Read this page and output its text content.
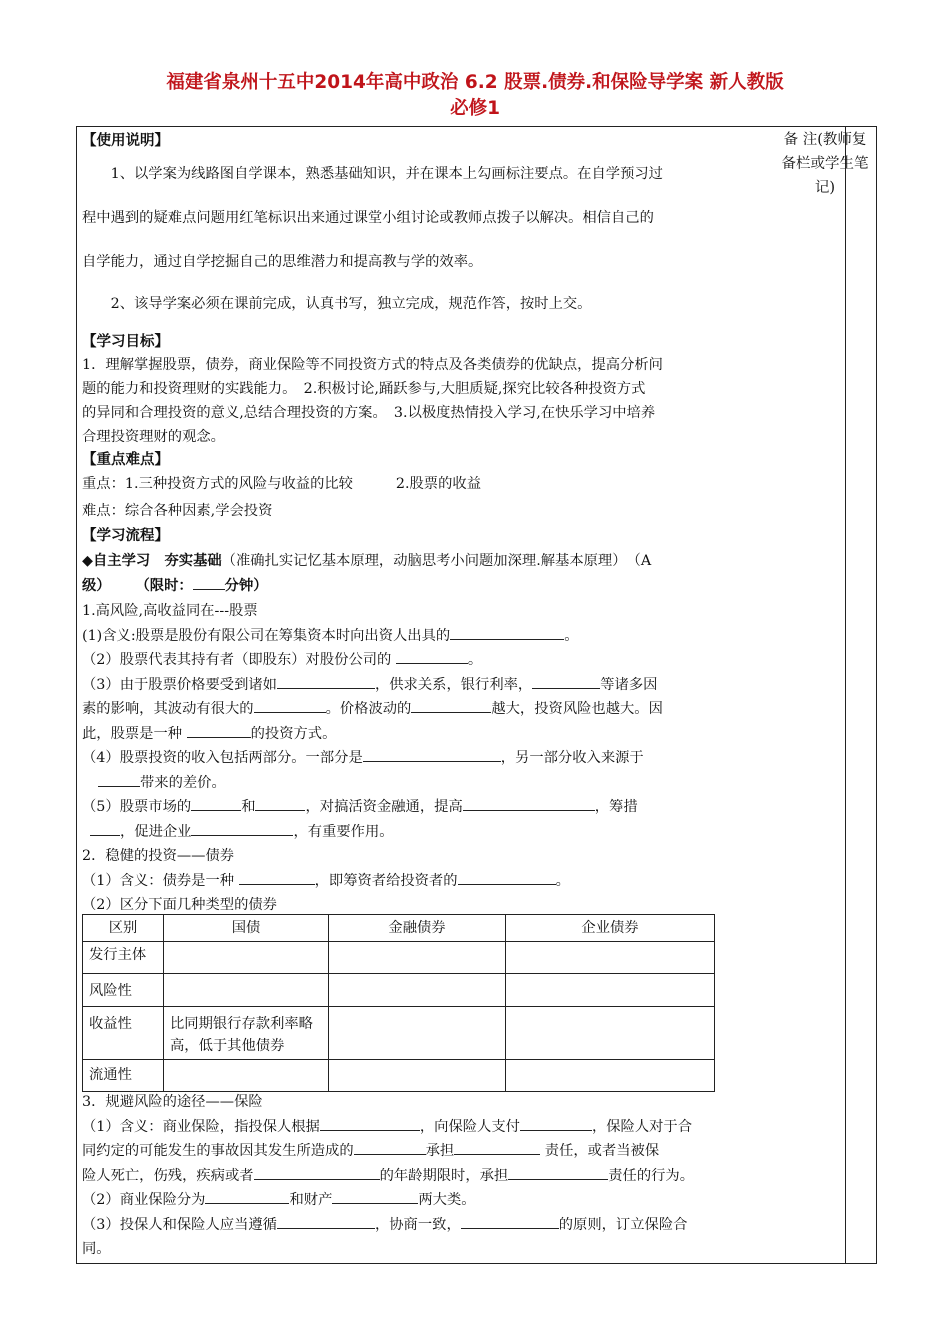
福建省泉州十五中2014年高中政治 6.2 股票.债券.和保险导学案 新人教版
必修1
备 注(教师复备栏或学生笔记)

【使用说明】

1、以学案为线路图自学课本，熟悉基础知识，并在课本上勾画标注要点。在自学预习过

程中遇到的疑难点问题用红笔标识出来通过课堂小组讨论或教师点拨子以解决。相信自己的

自学能力，通过自学挖掘自己的思维潜力和提高教与学的效率。

2、该导学案必须在课前完成，认真书写，独立完成，规范作答，按时上交。

【学习目标】

1．理解掌握股票，债券，商业保险等不同投资方式的特点及各类债券的优缺点，提高分析问

题的能力和投资理财的实践能力。　2.积极讨论,踊跃参与,大胆质疑,探究比较各种投资方式

的异同和合理投资的意义,总结合理投资的方案。　3.以极度热情投入学习,在快乐学习中培养

合理投资理财的观念。

【重点难点】

重点：1.三种投资方式的风险与收益的比较　　　2.股票的收益

难点：综合各种因素,学会投资

【学习流程】

◆自主学习　夯实基础（准确扎实记忆基本原理，动脑思考小问题加深理.解基本原理）　（A

级） （限时： 分钟）

1.高风险,高收益同在---股票

(1)含义:股票是股份有限公司在筹集资本时向出资人出具的	。

（2）股票代表其持有者（即股东）对股份公司的	。

（3）由于股票价格要受到诸如	，供求关系，银行利率，	等诸多因

素的影响，其波动有很大的	。价格波动的	越大，投资风险也越大。因

此，股票是一种	的投资方式。

（4）股票投资的收入包括两部分。一部分是	，另一部分收入来源于

带来的差价。

（5）股票市场的	和	，对搞活资金融通，提高	，筹措

，促进企业	，有重要作用。

2．稳健的投资——债券

（1）含义：债券是一种	，即筹资者给投资者的	。

（2）区分下面几种类型的债券

区别	国债	金融债券	企业债券
发行主体			
风险性			
收益性	比同期银行存款利率略高，低于其他债券		
流通性			

3．规避风险的途径——保险

（1）含义：商业保险，指投保人根据	，向保险人支付	，保险人对于合

同约定的可能发生的事故因其发生所造成的	承担	责任，或者当被保

险人死亡，伤残，疾病或者	的年龄期限时，承担	责任的行为。

（2）商业保险分为	和财产	两大类。

（3）投保人和保险人应当遵循	，协商一致，	的原则，订立保险合

同。
